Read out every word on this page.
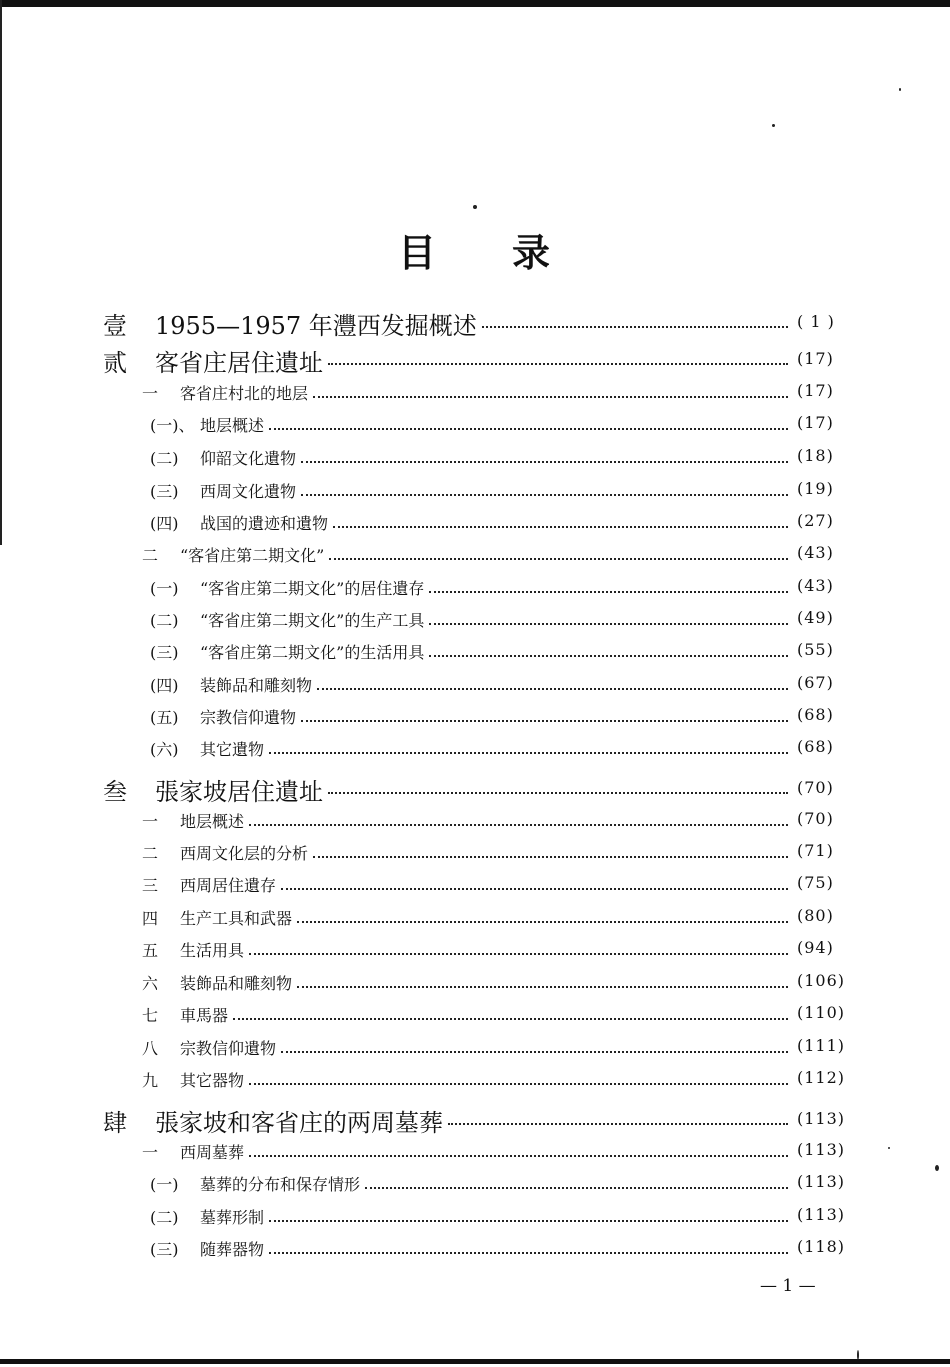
目 录
壹 1955—1957 年灃西发掘概述	( 1 )
贰 客省庄居住遺址	(17)
一 客省庄村北的地层	(17)
(一)、 地层概述	(17)
(二) 仰韶文化遺物	(18)
(三) 西周文化遺物	(19)
(四) 战国的遺迹和遺物	(27)
二 “客省庄第二期文化”	(43)
(一) “客省庄第二期文化”的居住遺存	(43)
(二) “客省庄第二期文化”的生产工具	(49)
(三) “客省庄第二期文化”的生活用具	(55)
(四) 装飾品和雕刻物	(67)
(五) 宗教信仰遺物	(68)
(六) 其它遺物	(68)
叁 張家坡居住遺址	(70)
一 地层概述	(70)
二 西周文化层的分析	(71)
三 西周居住遺存	(75)
四 生产工具和武器	(80)
五 生活用具	(94)
六 装飾品和雕刻物	(106)
七 車馬器	(110)
八 宗教信仰遺物	(111)
九 其它器物	(112)
肆 張家坡和客省庄的两周墓葬	(113)
一 西周墓葬	(113)
(一) 墓葬的分布和保存情形	(113)
(二) 墓葬形制	(113)
(三) 随葬器物	(118)
— 1 —
